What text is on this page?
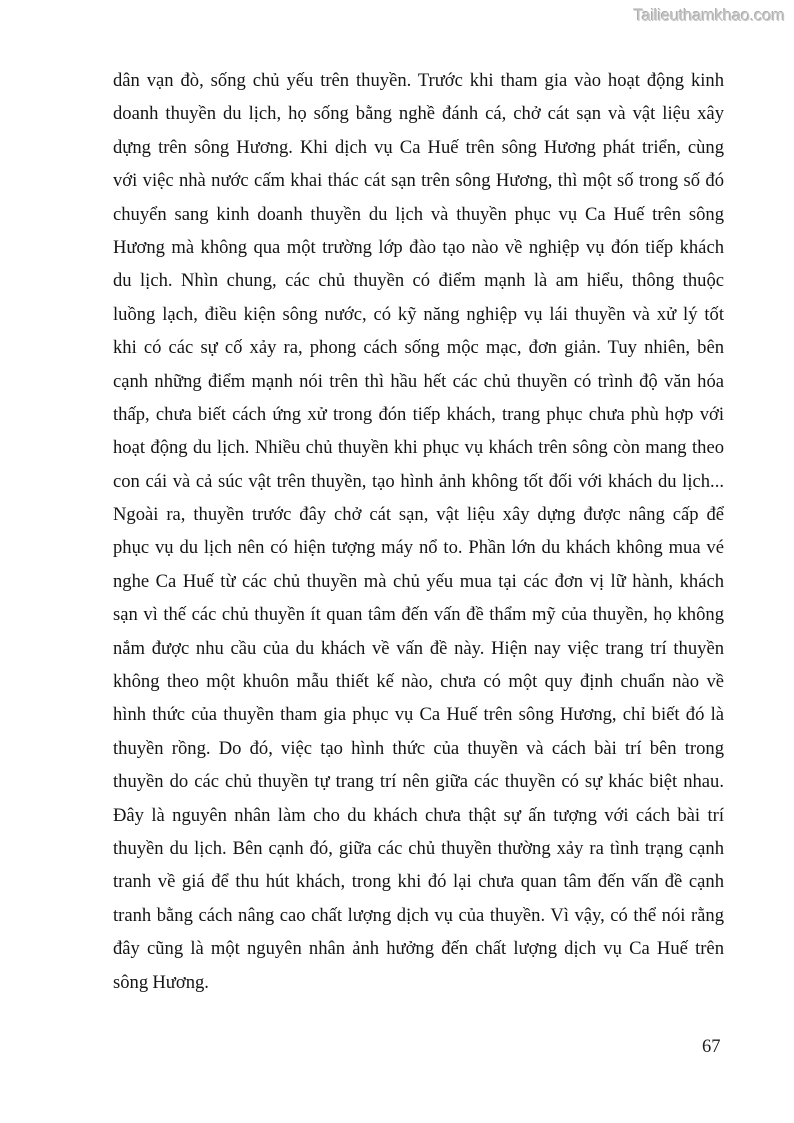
Tailieuthamkhao.com
dân vạn đò, sống chủ yếu trên thuyền. Trước khi tham gia vào hoạt động kinh
doanh thuyền du lịch, họ sống bằng nghề đánh cá, chở cát sạn và vật liệu xây
dựng trên sông Hương. Khi dịch vụ Ca Huế trên sông Hương phát triển, cùng
với việc nhà nước cấm khai thác cát sạn trên sông Hương, thì một số trong số đó
chuyển sang kinh doanh thuyền du lịch và thuyền phục vụ Ca Huế trên sông
Hương mà không qua một trường lớp đào tạo nào về nghiệp vụ đón tiếp khách
du lịch. Nhìn chung, các chủ thuyền có điểm mạnh là am hiểu, thông thuộc
luồng lạch, điều kiện sông nước, có kỹ năng nghiệp vụ lái thuyền và xử lý tốt
khi có các sự cố xảy ra, phong cách sống mộc mạc, đơn giản. Tuy nhiên, bên
cạnh những điểm mạnh nói trên thì hầu hết các chủ thuyền có trình độ văn hóa
thấp, chưa biết cách ứng xử trong đón tiếp khách, trang phục chưa phù hợp với
hoạt động du lịch. Nhiều chủ thuyền khi phục vụ khách trên sông còn mang theo
con cái và cả súc vật trên thuyền, tạo hình ảnh không tốt đối với khách du lịch...
Ngoài ra, thuyền trước đây chở cát sạn, vật liệu xây dựng được nâng cấp để
phục vụ du lịch nên có hiện tượng máy nổ to. Phần lớn du khách không mua vé
nghe Ca Huế từ các chủ thuyền mà chủ yếu mua tại các đơn vị lữ hành, khách
sạn vì thế các chủ thuyền ít quan tâm đến vấn đề thẩm mỹ của thuyền, họ không
nắm được nhu cầu của du khách về vấn đề này. Hiện nay việc trang trí thuyền
không theo một khuôn mẫu thiết kế nào, chưa có một quy định chuẩn nào về
hình thức của thuyền tham gia phục vụ Ca Huế trên sông Hương, chỉ biết đó là
thuyền rồng. Do đó, việc tạo hình thức của thuyền và cách bài trí bên trong
thuyền do các chủ thuyền tự trang trí nên giữa các thuyền có sự khác biệt nhau.
Đây là nguyên nhân làm cho du khách chưa thật sự ấn tượng với cách bài trí
thuyền du lịch. Bên cạnh đó, giữa các chủ thuyền thường xảy ra tình trạng cạnh
tranh về giá để thu hút khách, trong khi đó lại chưa quan tâm đến vấn đề cạnh
tranh bằng cách nâng cao chất lượng dịch vụ của thuyền. Vì vậy, có thể nói rằng
đây cũng là một nguyên nhân ảnh hưởng đến chất lượng dịch vụ Ca Huế trên
sông Hương.
67
